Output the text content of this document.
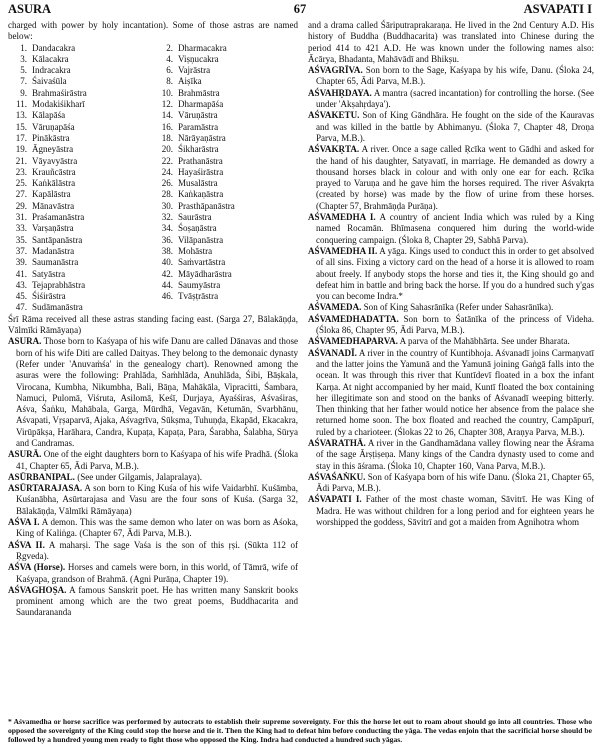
ASURA	67	ASVAPATI I

charged with power by holy incantation). Some of those astras are named below:

1. Dandacakra	2. Dharmacakra
3. Kālacakra	4. Viṣṇucakra
5. Indracakra	6. Vajrāstra
7. Śaivaśūla	8. Aiṣīka
9. Brahmaśirāstra	10. Brahmāstra
11. Modakiśikharī	12. Dharmapāśa
13. Kālapāśa	14. Vāruṇāstra
15. Vāruṇapāśa	16. Paramāstra
17. Pinākāstra	18. Nārāyaṇāstra
19. Āgneyāstra	20. Śikharāstra
21. Vāyavyāstra	22. Prathanāstra
23. Krauñcāstra	24. Hayaśirāstra
25. Kaṅkālāstra	26. Musalāstra
27. Kapālāstra	28. Kaṅkaṇāstra
29. Mānavāstra	30. Prasthāpanāstra
31. Praśamanāstra	32. Saurāstra
33. Varṣaṇāstra	34. Śoṣaṇāstra
35. Santāpanāstra	36. Vilāpanāstra
37. Madanāstra	38. Mohāstra
39. Saumanāstra	40. Saṁvartāstra
41. Satyāstra	42. Māyādharāstra
43. Tejaprabhāstra	44. Saumyāstra
45. Śiśirāstra	46. Tvāṣṭrāstra
47. Sudāmanāstra

Śrī Rāma received all these astras standing facing east. (Sarga 27, Bālakāṇḍa, Vālmīki Rāmāyaṇa)

ASURA. Those born to Kaśyapa of his wife Danu are called Dānavas and those born of his wife Diti are called Daityas. They belong to the demonaic dynasty (Refer under 'Anuvaṁśa' in the genealogy chart). Renowned among the asuras were the following: Prahlāda, Saṁhlāda, Anuhlāda, Śibi, Bāṣkala, Virocana, Kumbha, Nikumbha, Bali, Bāṇa, Mahākāla, Vipracitti, Śambara, Namuci, Pulomā, Viśruta, Asilomā, Keśī, Durjaya, Ayaśśiras, Aśvaśiras, Aśva, Śaṅku, Mahābala, Gargа, Mūrdhā, Vegavān, Ketumān, Svarbhānu, Aśvapati, Vṛṣaparvā, Ajaka, Aśvagrīva, Sūkṣma, Tuhuṇḍa, Ekapād, Ekacakra, Virūpākṣa, Harāhara, Candra, Kupaṭa, Kapaṭa, Para, Śarabha, Śalabha, Sūrya and Candramas.

ASURĀ. One of the eight daughters born to Kaśyapa of his wife Pradhā. (Śloka 41, Chapter 65, Ādi Parva, M.B.).

ASŪRBANIPAL. (See under Gilgamis, Jalapralaya).

ASŪRTARAJASA. A son born to King Kuśa of his wife Vaidarbhī. Kuśāmba, Kuśanābha, Asūrtarajasa and Vasu are the four sons of Kuśa. (Sarga 32, Bālakāṇḍa, Vālmīki Rāmāyaṇa)

AŚVA I. A demon. This was the same demon who later on was born as Aśoka, King of Kaliṅga. (Chapter 67, Ādi Parva, M.B.).

AŚVA II. A maharṣi. The sage Vaśa is the son of this ṛṣi. (Sūkta 112 of Ṛgveda).

AŚVA (Horse). Horses and camels were born, in this world, of Tāmrā, wife of Kaśyapa, grandson of Brahmā. (Agni Purāṇa, Chapter 19).

AŚVAGHOṢA. A famous Sanskrit poet. He has written many Sanskrit books prominent among which are the two great poems, Buddhacarita and Saundarananda

and a drama called Śāriputraprakaraṇa. He lived in the 2nd Century A.D. His history of Buddha (Buddhacarita) was translated into Chinese during the period 414 to 421 A.D. He was known under the following names also: Ācārya, Bhadanta, Mahāvādī and Bhikṣu.

AŚVAGRĪVA. Son born to the Sage, Kaśyapa by his wife, Danu. (Śloka 24, Chapter 65, Ādi Parva, M.B.).

AŚVAHṚDAYA. A mantra (sacred incantation) for controlling the horse. (See under 'Akṣahṛdaya').

AŚVAKETU. Son of King Gāndhāra. He fought on the side of the Kauravas and was killed in the battle by Abhimanyu. (Śloka 7, Chapter 48, Droṇa Parva, M.B.).

AŚVAKṚTA. A river. Once a sage called Ṛcīka went to Gādhi and asked for the hand of his daughter, Satyavatī, in marriage. He demanded as dowry a thousand horses black in colour and with only one ear for each. Ṛcīka prayed to Varuṇa and he gave him the horses required. The river Aśvakṛta (created by horse) was made by the flow of urine from these horses. (Chapter 57, Brahmāṇḍa Purāṇa).

AŚVAMEDHA I. A country of ancient India which was ruled by a King named Rocamān. Bhīmasena conquered him during the world-wide conquering campaign. (Śloka 8, Chapter 29, Sabhā Parva).

AŚVAMEDHA II. A yāga. Kings used to conduct this in order to get absolved of all sins. Fixing a victory card on the head of a horse it is allowed to roam about freely. If anybody stops the horse and ties it, the King should go and defeat him in battle and bring back the horse. If you do a hundred such y'gas you can become Indra.*

AŚVAMEDA. Son of King Sahasrānīka (Refer under Sahasrānīka).

AŚVAMEDHADATTA. Son born to Śatānīka of the princess of Videha. (Śloka 86, Chapter 95, Ādi Parva, M.B.).

AŚVAMEDHAPARVA. A parva of the Mahābhārta. See under Bharata.

AŚVANADĪ. A river in the country of Kuntibhoja. Aśvanadī joins Carmaṇvatī and the latter joins the Yamunā and the Yamunā joining Gaṅgā falls into the ocean. It was through this river that Kuntīdevī floated in a box the infant Karṇa. At night accompanied by her maid, Kuntī floated the box containing her illegitimate son and stood on the banks of Aśvanadī weeping bitterly. Then thinking that her father would notice her absence from the palace she returned home soon. The box floated and reached the country, Campāpurī, ruled by a charioteer. (Ślokas 22 to 26, Chapter 308, Araṇya Parva, M.B.).

AŚVARATHĀ. A river in the Gandhamādana valley flowing near the Āśrama of the sage Ārṣṭiṣeṇa. Many kings of the Candra dynasty used to come and stay in this āśrama. (Śloka 10, Chapter 160, Vana Parva, M.B.).

AŚVAŚAṄKU. Son of Kaśyapa born of his wife Danu. (Śloka 21, Chapter 65, Ādi Parva, M.B.).

AŚVAPATI I. Father of the most chaste woman, Sāvitrī. He was King of Madra. He was without children for a long period and for eighteen years he worshipped the goddess, Sāvitrī and got a maiden from Agnihotra whom

* Aśvamedha or horse sacrifice was performed by autocrats to establish their supreme sovereignty. For this the horse let out to roam about should go into all countries. Those who opposed the sovereignty of the King could stop the horse and tie it. Then the King had to defeat him before conducting the yāga. The vedas enjoin that the sacrificial horse should be followed by a hundred young men ready to fight those who opposed the King. Indra had conducted a hundred such yāgas.
